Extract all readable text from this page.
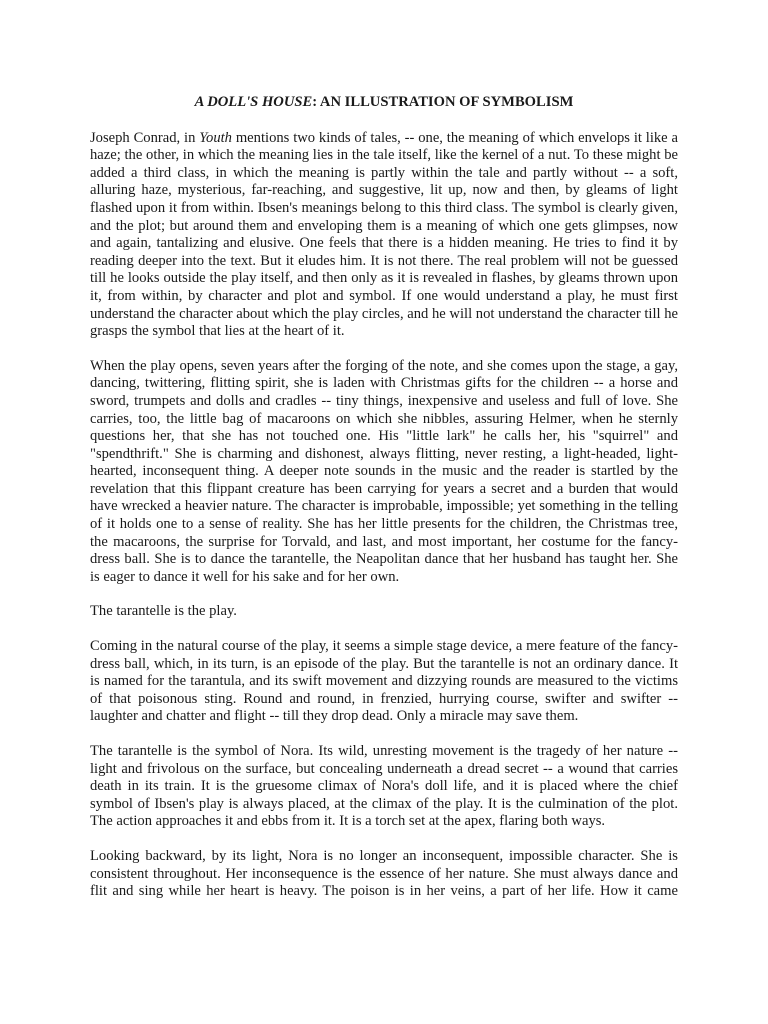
A DOLL'S HOUSE: AN ILLUSTRATION OF SYMBOLISM

Joseph Conrad, in Youth mentions two kinds of tales, -- one, the meaning of which envelops it like a haze; the other, in which the meaning lies in the tale itself, like the kernel of a nut. To these might be added a third class, in which the meaning is partly within the tale and partly without -- a soft, alluring haze, mysterious, far-reaching, and suggestive, lit up, now and then, by gleams of light flashed upon it from within. Ibsen's meanings belong to this third class. The symbol is clearly given, and the plot; but around them and enveloping them is a meaning of which one gets glimpses, now and again, tantalizing and elusive. One feels that there is a hidden meaning. He tries to find it by reading deeper into the text. But it eludes him. It is not there. The real problem will not be guessed till he looks outside the play itself, and then only as it is revealed in flashes, by gleams thrown upon it, from within, by character and plot and symbol. If one would understand a play, he must first understand the character about which the play circles, and he will not understand the character till he grasps the symbol that lies at the heart of it.

When the play opens, seven years after the forging of the note, and she comes upon the stage, a gay, dancing, twittering, flitting spirit, she is laden with Christmas gifts for the children -- a horse and sword, trumpets and dolls and cradles -- tiny things, inexpensive and useless and full of love. She carries, too, the little bag of macaroons on which she nibbles, assuring Helmer, when he sternly questions her, that she has not touched one. His "little lark" he calls her, his "squirrel" and "spendthrift." She is charming and dishonest, always flitting, never resting, a light-headed, light-hearted, inconsequent thing. A deeper note sounds in the music and the reader is startled by the revelation that this flippant creature has been carrying for years a secret and a burden that would have wrecked a heavier nature. The character is improbable, impossible; yet something in the telling of it holds one to a sense of reality. She has her little presents for the children, the Christmas tree, the macaroons, the surprise for Torvald, and last, and most important, her costume for the fancy-dress ball. She is to dance the tarantelle, the Neapolitan dance that her husband has taught her. She is eager to dance it well for his sake and for her own.

The tarantelle is the play.

Coming in the natural course of the play, it seems a simple stage device, a mere feature of the fancy-dress ball, which, in its turn, is an episode of the play. But the tarantelle is not an ordinary dance. It is named for the tarantula, and its swift movement and dizzying rounds are measured to the victims of that poisonous sting. Round and round, in frenzied, hurrying course, swifter and swifter -- laughter and chatter and flight -- till they drop dead. Only a miracle may save them.

The tarantelle is the symbol of Nora. Its wild, unresting movement is the tragedy of her nature -- light and frivolous on the surface, but concealing underneath a dread secret -- a wound that carries death in its train. It is the gruesome climax of Nora's doll life, and it is placed where the chief symbol of Ibsen's play is always placed, at the climax of the play. It is the culmination of the plot. The action approaches it and ebbs from it. It is a torch set at the apex, flaring both ways.

Looking backward, by its light, Nora is no longer an inconsequent, impossible character. She is consistent throughout. Her inconsequence is the essence of her nature. She must always dance and flit and sing while her heart is heavy. The poison is in her veins, a part of her life. How it came
